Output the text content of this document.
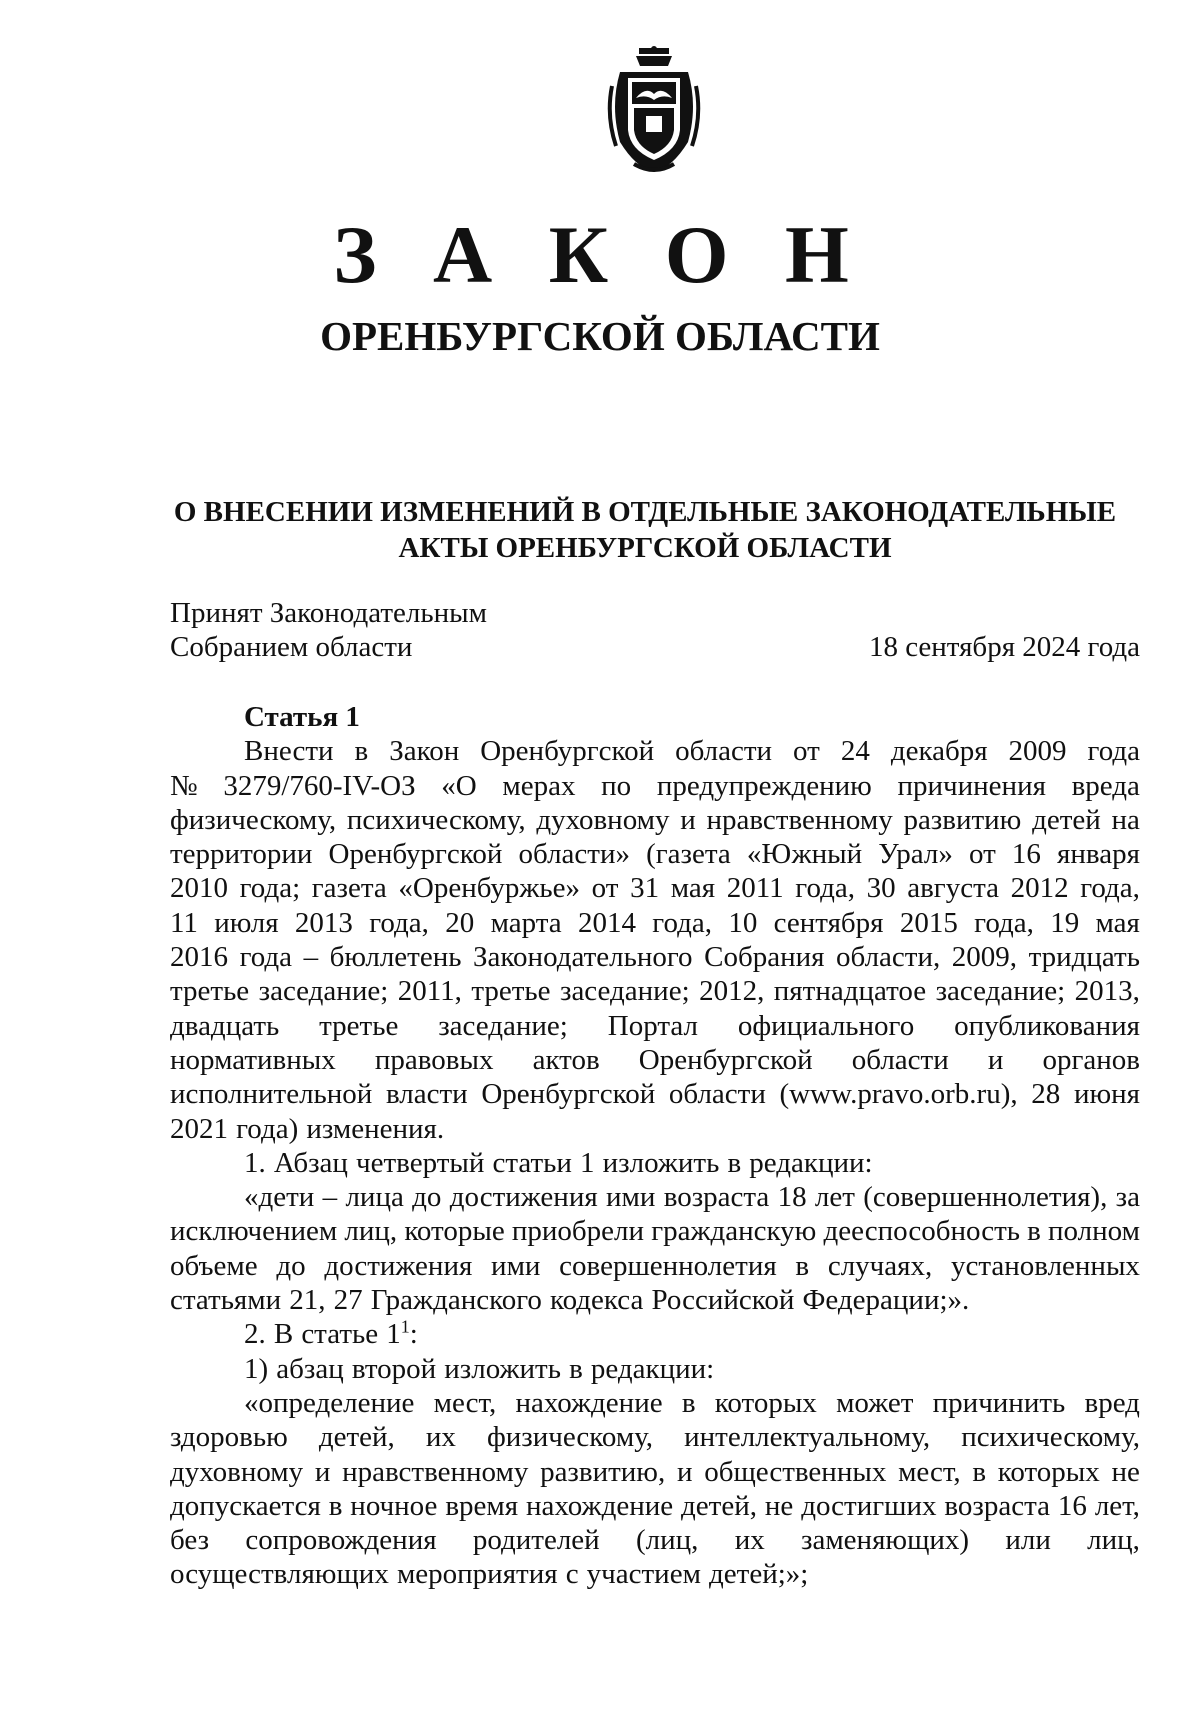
З А К О Н
ОРЕНБУРГСКОЙ ОБЛАСТИ
О ВНЕСЕНИИ ИЗМЕНЕНИЙ В ОТДЕЛЬНЫЕ ЗАКОНОДАТЕЛЬНЫЕ
АКТЫ ОРЕНБУРГСКОЙ ОБЛАСТИ
Принят Законодательным
Собранием области	18 сентября 2024 года
Статья 1
Внести в Закон Оренбургской области от 24 декабря 2009 года
№ 3279/760-IV-ОЗ «О мерах по предупреждению причинения вреда
физическому, психическому, духовному и нравственному развитию детей на
территории Оренбургской области» (газета «Южный Урал» от 16 января
2010 года; газета «Оренбуржье» от 31 мая 2011 года, 30 августа 2012 года,
11 июля 2013 года, 20 марта 2014 года, 10 сентября 2015 года, 19 мая
2016 года – бюллетень Законодательного Собрания области, 2009, тридцать
третье заседание; 2011, третье заседание; 2012, пятнадцатое заседание; 2013,
двадцать третье заседание; Портал официального опубликования
нормативных правовых актов Оренбургской области и органов
исполнительной власти Оренбургской области (www.pravo.orb.ru), 28 июня
2021 года) изменения.
1. Абзац четвертый статьи 1 изложить в редакции:
«дети – лица до достижения ими возраста 18 лет (совершеннолетия), за
исключением лиц, которые приобрели гражданскую дееспособность в полном
объеме до достижения ими совершеннолетия в случаях, установленных
статьями 21, 27 Гражданского кодекса Российской Федерации;».
2. В статье $1^1$:
1) абзац второй изложить в редакции:
«определение мест, нахождение в которых может причинить вред
здоровью детей, их физическому, интеллектуальному, психическому,
духовному и нравственному развитию, и общественных мест, в которых не
допускается в ночное время нахождение детей, не достигших возраста 16 лет,
без сопровождения родителей (лиц, их заменяющих) или лиц,
осуществляющих мероприятия с участием детей;»;
